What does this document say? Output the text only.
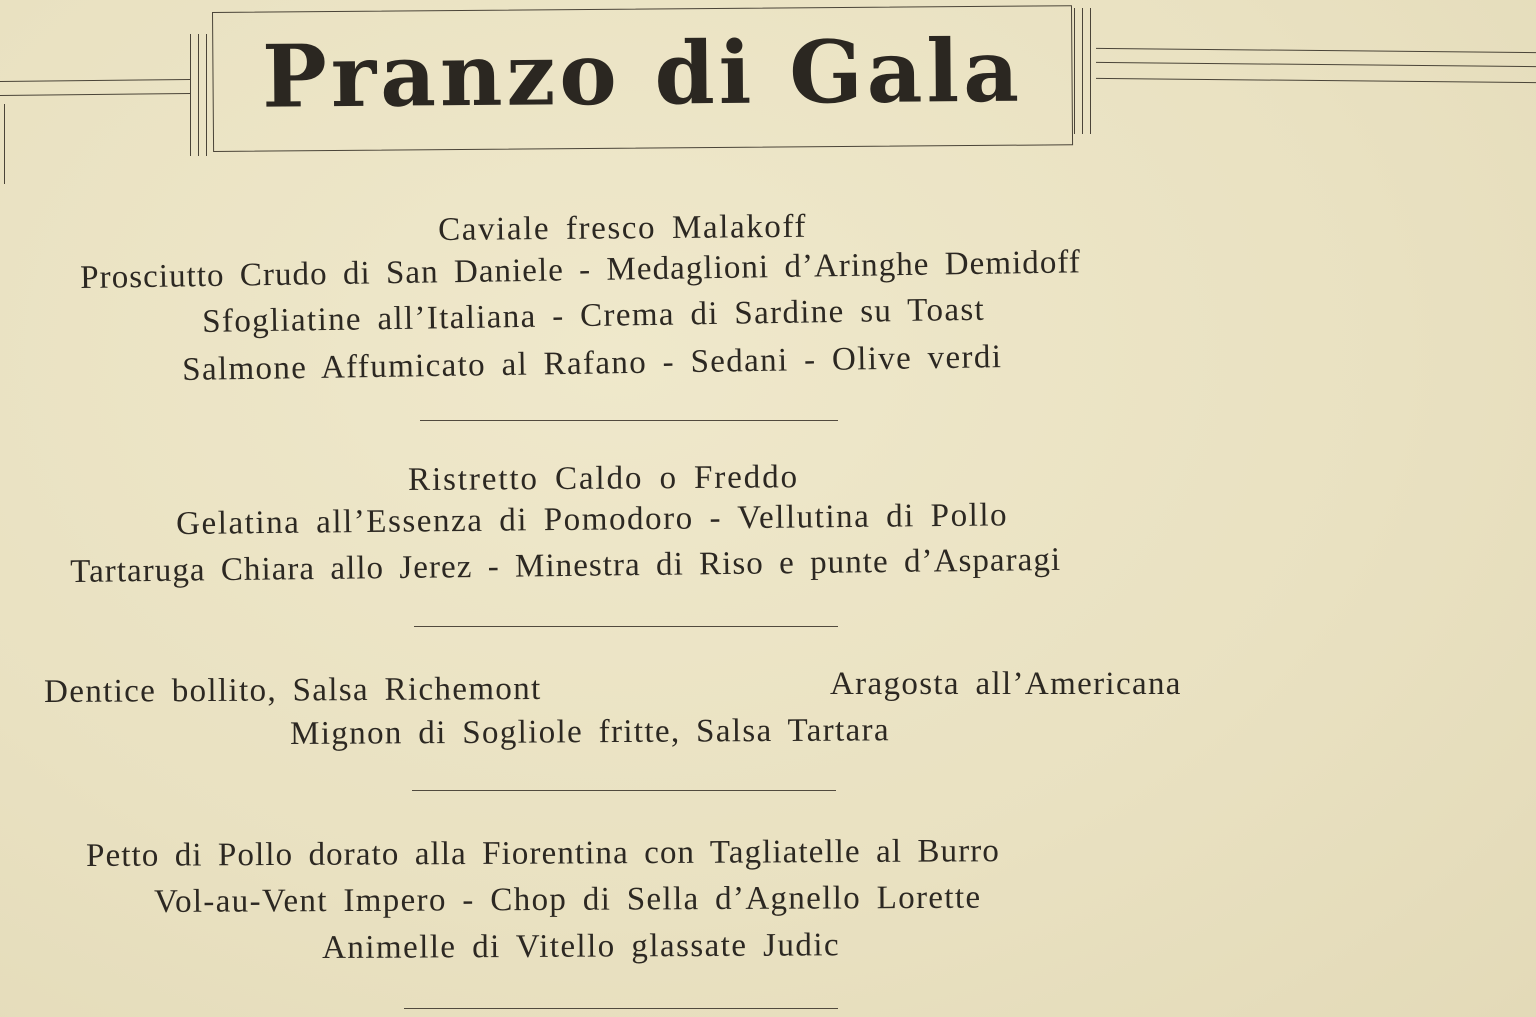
Pranzo di Gala
Caviale fresco Malakoff
Prosciutto Crudo di San Daniele - Medaglioni d’Aringhe Demidoff
Sfogliatine all’Italiana - Crema di Sardine su Toast
Salmone Affumicato al Rafano - Sedani - Olive verdi
Ristretto Caldo o Freddo
Gelatina all’Essenza di Pomodoro - Vellutina di Pollo
Tartaruga Chiara allo Jerez - Minestra di Riso e punte d’Asparagi
Dentice bollito, Salsa Richemont	Aragosta all’Americana
Mignon di Sogliole fritte, Salsa Tartara
Petto di Pollo dorato alla Fiorentina con Tagliatelle al Burro
Vol-au-Vent Impero - Chop di Sella d’Agnello Lorette
Animelle di Vitello glassate Judic
